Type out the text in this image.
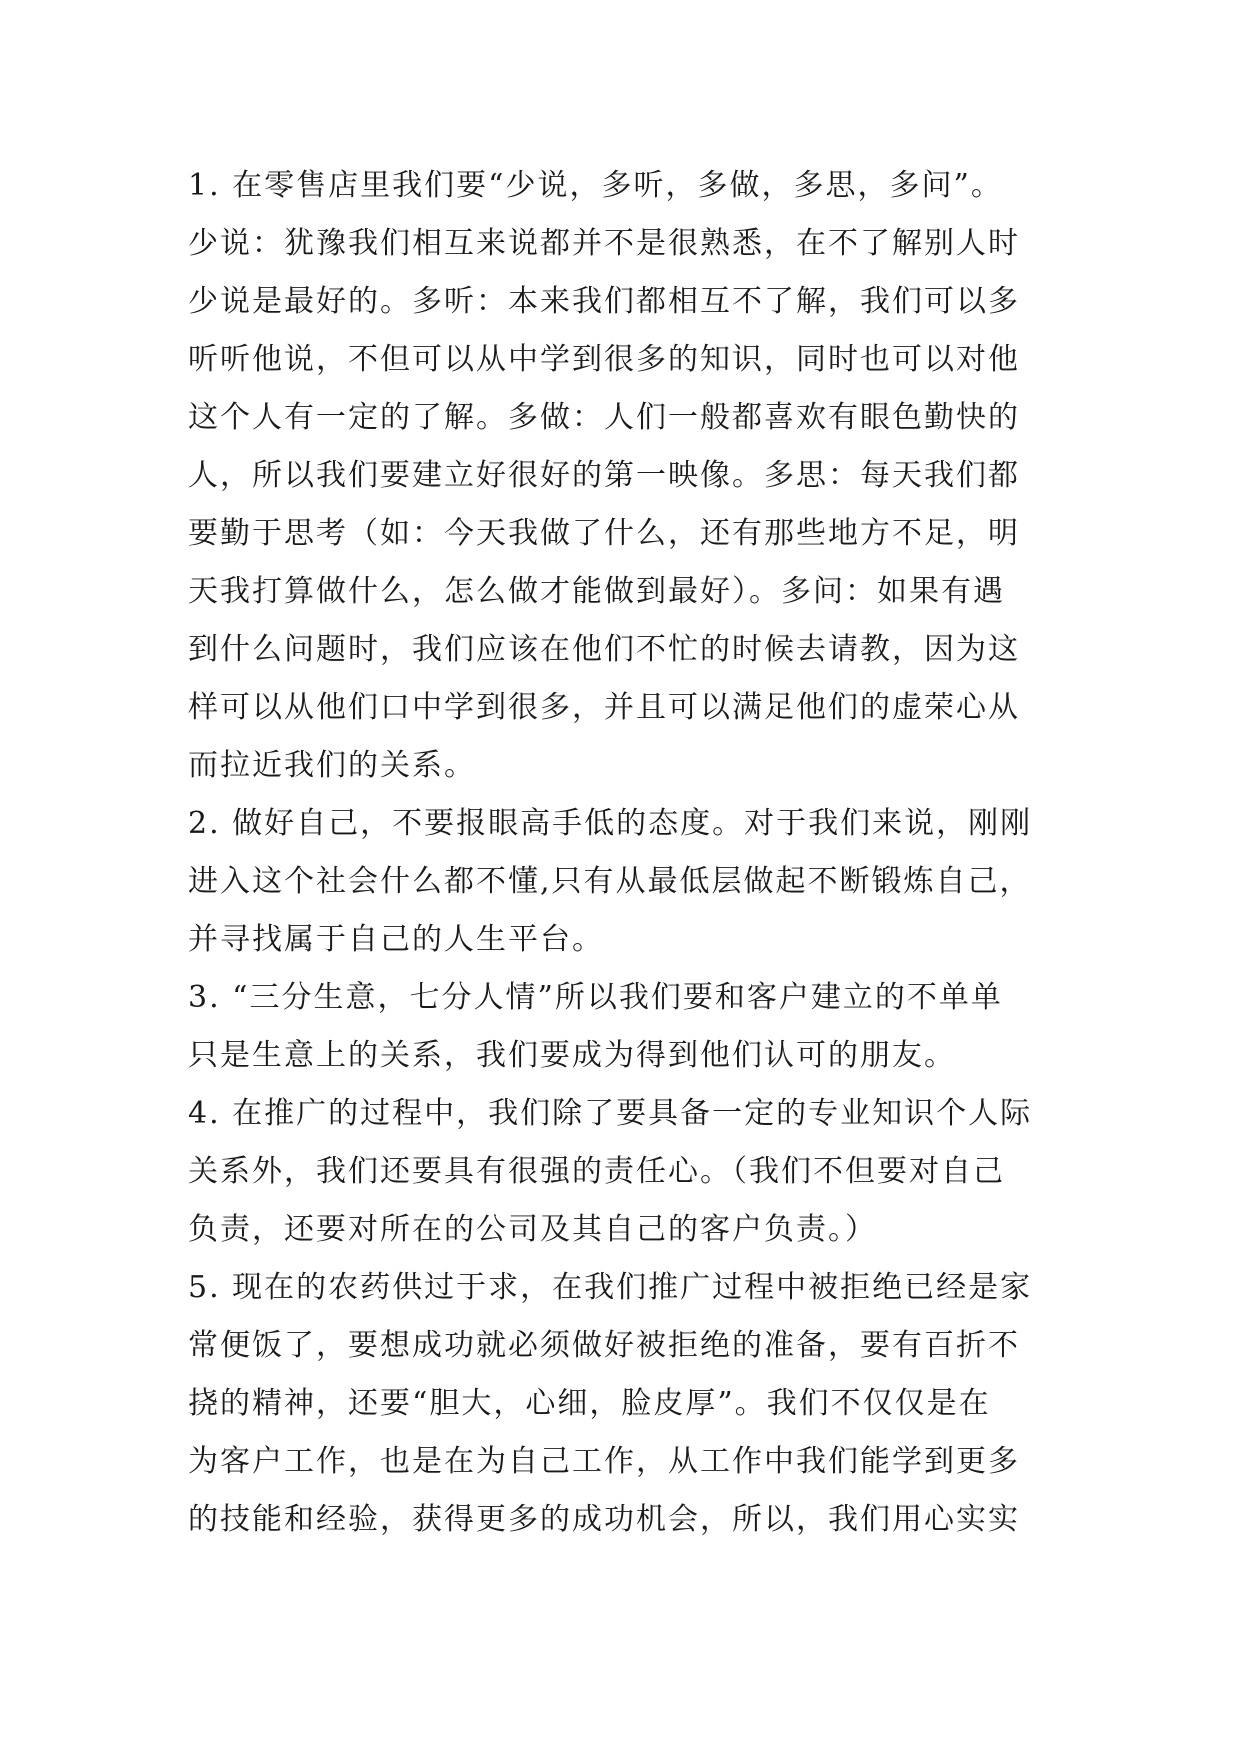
1. 在零售店里我们要“少说，多听，多做，多思，多问”。
少说：犹豫我们相互来说都并不是很熟悉，在不了解别人时
少说是最好的。多听：本来我们都相互不了解，我们可以多
听听他说，不但可以从中学到很多的知识，同时也可以对他
这个人有一定的了解。多做：人们一般都喜欢有眼色勤快的
人，所以我们要建立好很好的第一映像。多思：每天我们都
要勤于思考（如：今天我做了什么，还有那些地方不足，明
天我打算做什么，怎么做才能做到最好）。多问：如果有遇
到什么问题时，我们应该在他们不忙的时候去请教，因为这
样可以从他们口中学到很多，并且可以满足他们的虚荣心从
而拉近我们的关系。
2. 做好自己，不要报眼高手低的态度。对于我们来说，刚刚
进入这个社会什么都不懂,只有从最低层做起不断锻炼自己，
并寻找属于自己的人生平台。
3. “三分生意，七分人情”所以我们要和客户建立的不单单
只是生意上的关系，我们要成为得到他们认可的朋友。
4. 在推广的过程中，我们除了要具备一定的专业知识个人际
关系外，我们还要具有很强的责任心。（我们不但要对自己
负责，还要对所在的公司及其自己的客户负责。）
5. 现在的农药供过于求，在我们推广过程中被拒绝已经是家
常便饭了，要想成功就必须做好被拒绝的准备，要有百折不
挠的精神，还要“胆大，心细，脸皮厚”。我们不仅仅是在
为客户工作，也是在为自己工作，从工作中我们能学到更多
的技能和经验，获得更多的成功机会，所以，我们用心实实
